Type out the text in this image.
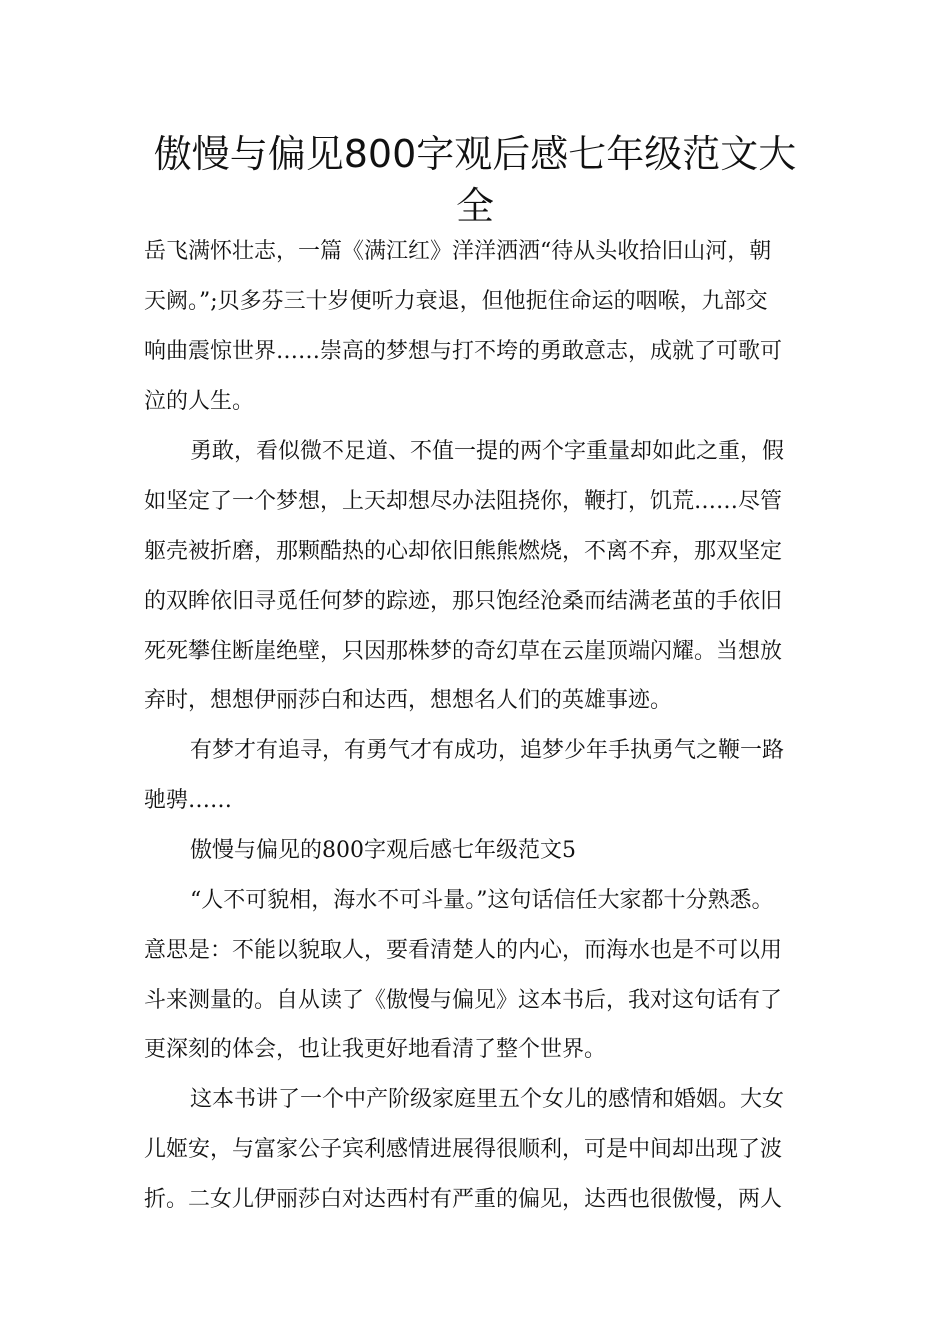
傲慢与偏见800字观后感七年级范文大
全

岳飞满怀壮志，一篇《满江红》洋洋洒洒“待从头收拾旧山河，朝

天阙。”;贝多芬三十岁便听力衰退，但他扼住命运的咽喉，九部交

响曲震惊世界……崇高的梦想与打不垮的勇敢意志，成就了可歌可

泣的人生。

勇敢，看似微不足道、不值一提的两个字重量却如此之重，假

如坚定了一个梦想，上天却想尽办法阻挠你，鞭打，饥荒……尽管

躯壳被折磨，那颗酷热的心却依旧熊熊燃烧，不离不弃，那双坚定

的双眸依旧寻觅任何梦的踪迹，那只饱经沧桑而结满老茧的手依旧

死死攀住断崖绝壁，只因那株梦的奇幻草在云崖顶端闪耀。当想放

弃时，想想伊丽莎白和达西，想想名人们的英雄事迹。

有梦才有追寻，有勇气才有成功，追梦少年手执勇气之鞭一路

驰骋……

傲慢与偏见的800字观后感七年级范文5

“人不可貌相，海水不可斗量。”这句话信任大家都十分熟悉。

意思是：不能以貌取人，要看清楚人的内心，而海水也是不可以用

斗来测量的。自从读了《傲慢与偏见》这本书后，我对这句话有了

更深刻的体会，也让我更好地看清了整个世界。

这本书讲了一个中产阶级家庭里五个女儿的感情和婚姻。大女

儿姬安，与富家公子宾利感情进展得很顺利，可是中间却出现了波

折。二女儿伊丽莎白对达西村有严重的偏见，达西也很傲慢，两人
